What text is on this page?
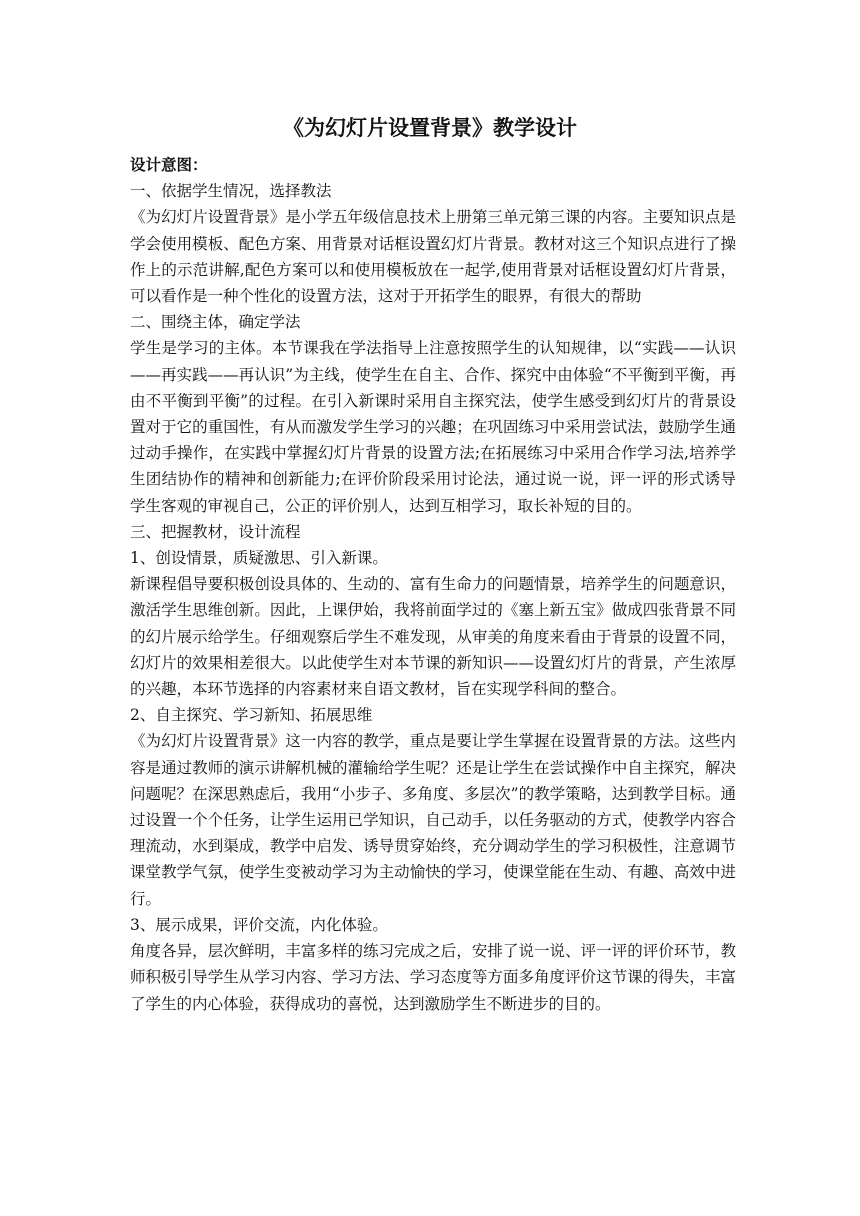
《为幻灯片设置背景》教学设计

设计意图：

一、依据学生情况，选择教法

《为幻灯片设置背景》是小学五年级信息技术上册第三单元第三课的内容。主要知识点是学会使用模板、配色方案、用背景对话框设置幻灯片背景。教材对这三个知识点进行了操作上的示范讲解,配色方案可以和使用模板放在一起学,使用背景对话框设置幻灯片背景，可以看作是一种个性化的设置方法，这对于开拓学生的眼界，有很大的帮助

二、围绕主体，确定学法

学生是学习的主体。本节课我在学法指导上注意按照学生的认知规律，以“实践——认识——再实践——再认识”为主线，使学生在自主、合作、探究中由体验“不平衡到平衡，再由不平衡到平衡”的过程。在引入新课时采用自主探究法，使学生感受到幻灯片的背景设置对于它的重国性，有从而激发学生学习的兴趣；在巩固练习中采用尝试法，鼓励学生通过动手操作，在实践中掌握幻灯片背景的设置方法;在拓展练习中采用合作学习法,培养学生团结协作的精神和创新能力;在评价阶段采用讨论法，通过说一说，评一评的形式诱导学生客观的审视自己，公正的评价别人，达到互相学习，取长补短的目的。

三、把握教材，设计流程

1、创设情景，质疑激思、引入新课。

新课程倡导要积极创设具体的、生动的、富有生命力的问题情景，培养学生的问题意识，激活学生思维创新。因此，上课伊始，我将前面学过的《塞上新五宝》做成四张背景不同的幻片展示给学生。仔细观察后学生不难发现，从审美的角度来看由于背景的设置不同，幻灯片的效果相差很大。以此使学生对本节课的新知识——设置幻灯片的背景，产生浓厚的兴趣，本环节选择的内容素材来自语文教材，旨在实现学科间的整合。

2、自主探究、学习新知、拓展思维

《为幻灯片设置背景》这一内容的教学，重点是要让学生掌握在设置背景的方法。这些内容是通过教师的演示讲解机械的灌输给学生呢？还是让学生在尝试操作中自主探究，解决问题呢？在深思熟虑后，我用“小步子、多角度、多层次”的教学策略，达到教学目标。通过设置一个个任务，让学生运用已学知识，自己动手，以任务驱动的方式，使教学内容合理流动，水到渠成，教学中启发、诱导贯穿始终，充分调动学生的学习积极性，注意调节课堂教学气氛，使学生变被动学习为主动愉快的学习，使课堂能在生动、有趣、高效中进行。

3、展示成果，评价交流，内化体验。

角度各异，层次鲜明，丰富多样的练习完成之后，安排了说一说、评一评的评价环节，教师积极引导学生从学习内容、学习方法、学习态度等方面多角度评价这节课的得失，丰富了学生的内心体验，获得成功的喜悦，达到激励学生不断进步的目的。
